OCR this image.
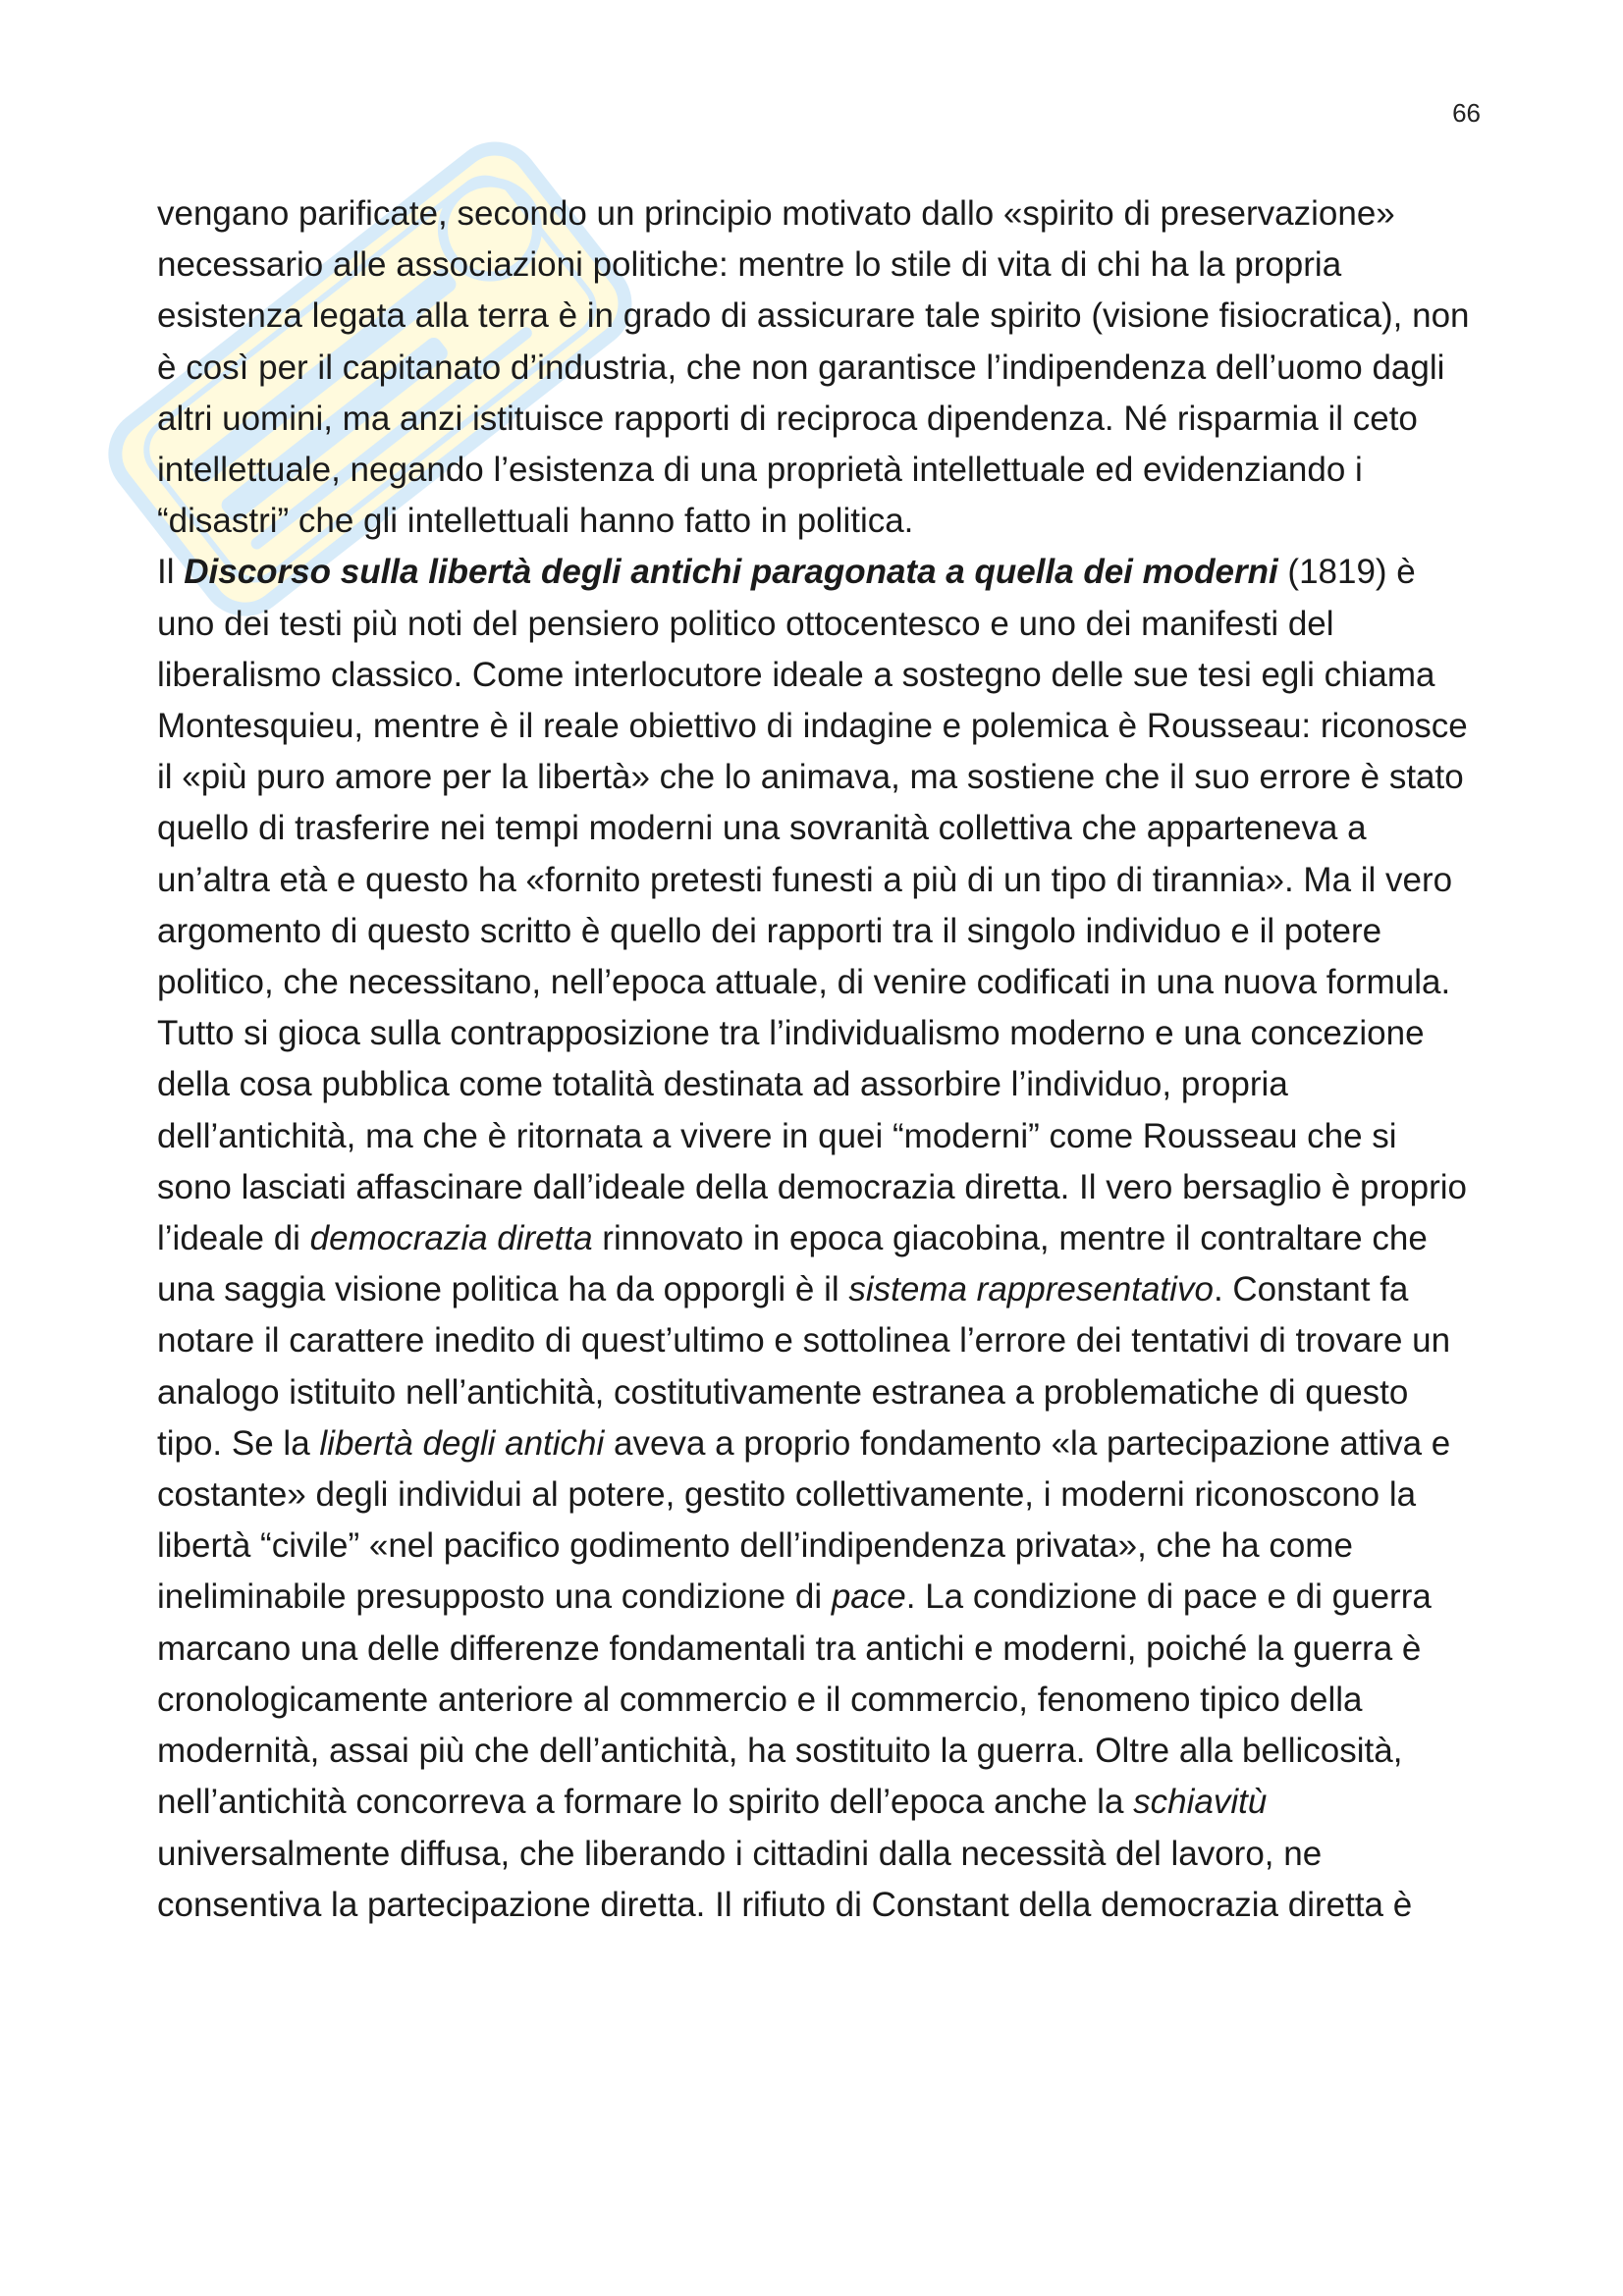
66

vengano parificate, secondo un principio motivato dallo «spirito di preservazione» necessario alle associazioni politiche: mentre lo stile di vita di chi ha la propria esistenza legata alla terra è in grado di assicurare tale spirito (visione fisiocratica), non è così per il capitanato d’industria, che non garantisce l’indipendenza dell’uomo dagli altri uomini, ma anzi istituisce rapporti di reciproca dipendenza. Né risparmia il ceto intellettuale, negando l’esistenza di una proprietà intellettuale ed evidenziando i “disastri” che gli intellettuali hanno fatto in politica.

Il Discorso sulla libertà degli antichi paragonata a quella dei moderni (1819) è uno dei testi più noti del pensiero politico ottocentesco e uno dei manifesti del liberalismo classico. Come interlocutore ideale a sostegno delle sue tesi egli chiama Montesquieu, mentre è il reale obiettivo di indagine e polemica è Rousseau: riconosce il «più puro amore per la libertà» che lo animava, ma sostiene che il suo errore è stato quello di trasferire nei tempi moderni una sovranità collettiva che apparteneva a un’altra età e questo ha «fornito pretesti funesti a più di un tipo di tirannia». Ma il vero argomento di questo scritto è quello dei rapporti tra il singolo individuo e il potere politico, che necessitano, nell’epoca attuale, di venire codificati in una nuova formula. Tutto si gioca sulla contrapposizione tra l’individualismo moderno e una concezione della cosa pubblica come totalità destinata ad assorbire l’individuo, propria dell’antichità, ma che è ritornata a vivere in quei “moderni” come Rousseau che si sono lasciati affascinare dall’ideale della democrazia diretta. Il vero bersaglio è proprio l’ideale di democrazia diretta rinnovato in epoca giacobina, mentre il contraltare che una saggia visione politica ha da opporgli è il sistema rappresentativo. Constant fa notare il carattere inedito di quest’ultimo e sottolinea l’errore dei tentativi di trovare un analogo istituito nell’antichità, costitutivamente estranea a problematiche di questo tipo. Se la libertà degli antichi aveva a proprio fondamento «la partecipazione attiva e costante» degli individui al potere, gestito collettivamente, i moderni riconoscono la libertà “civile” «nel pacifico godimento dell’indipendenza privata», che ha come ineliminabile presupposto una condizione di pace. La condizione di pace e di guerra marcano una delle differenze fondamentali tra antichi e moderni, poiché la guerra è cronologicamente anteriore al commercio e il commercio, fenomeno tipico della modernità, assai più che dell’antichità, ha sostituito la guerra. Oltre alla bellicosità, nell’antichità concorreva a formare lo spirito dell’epoca anche la schiavitù universalmente diffusa, che liberando i cittadini dalla necessità del lavoro, ne consentiva la partecipazione diretta. Il rifiuto di Constant della democrazia diretta è
